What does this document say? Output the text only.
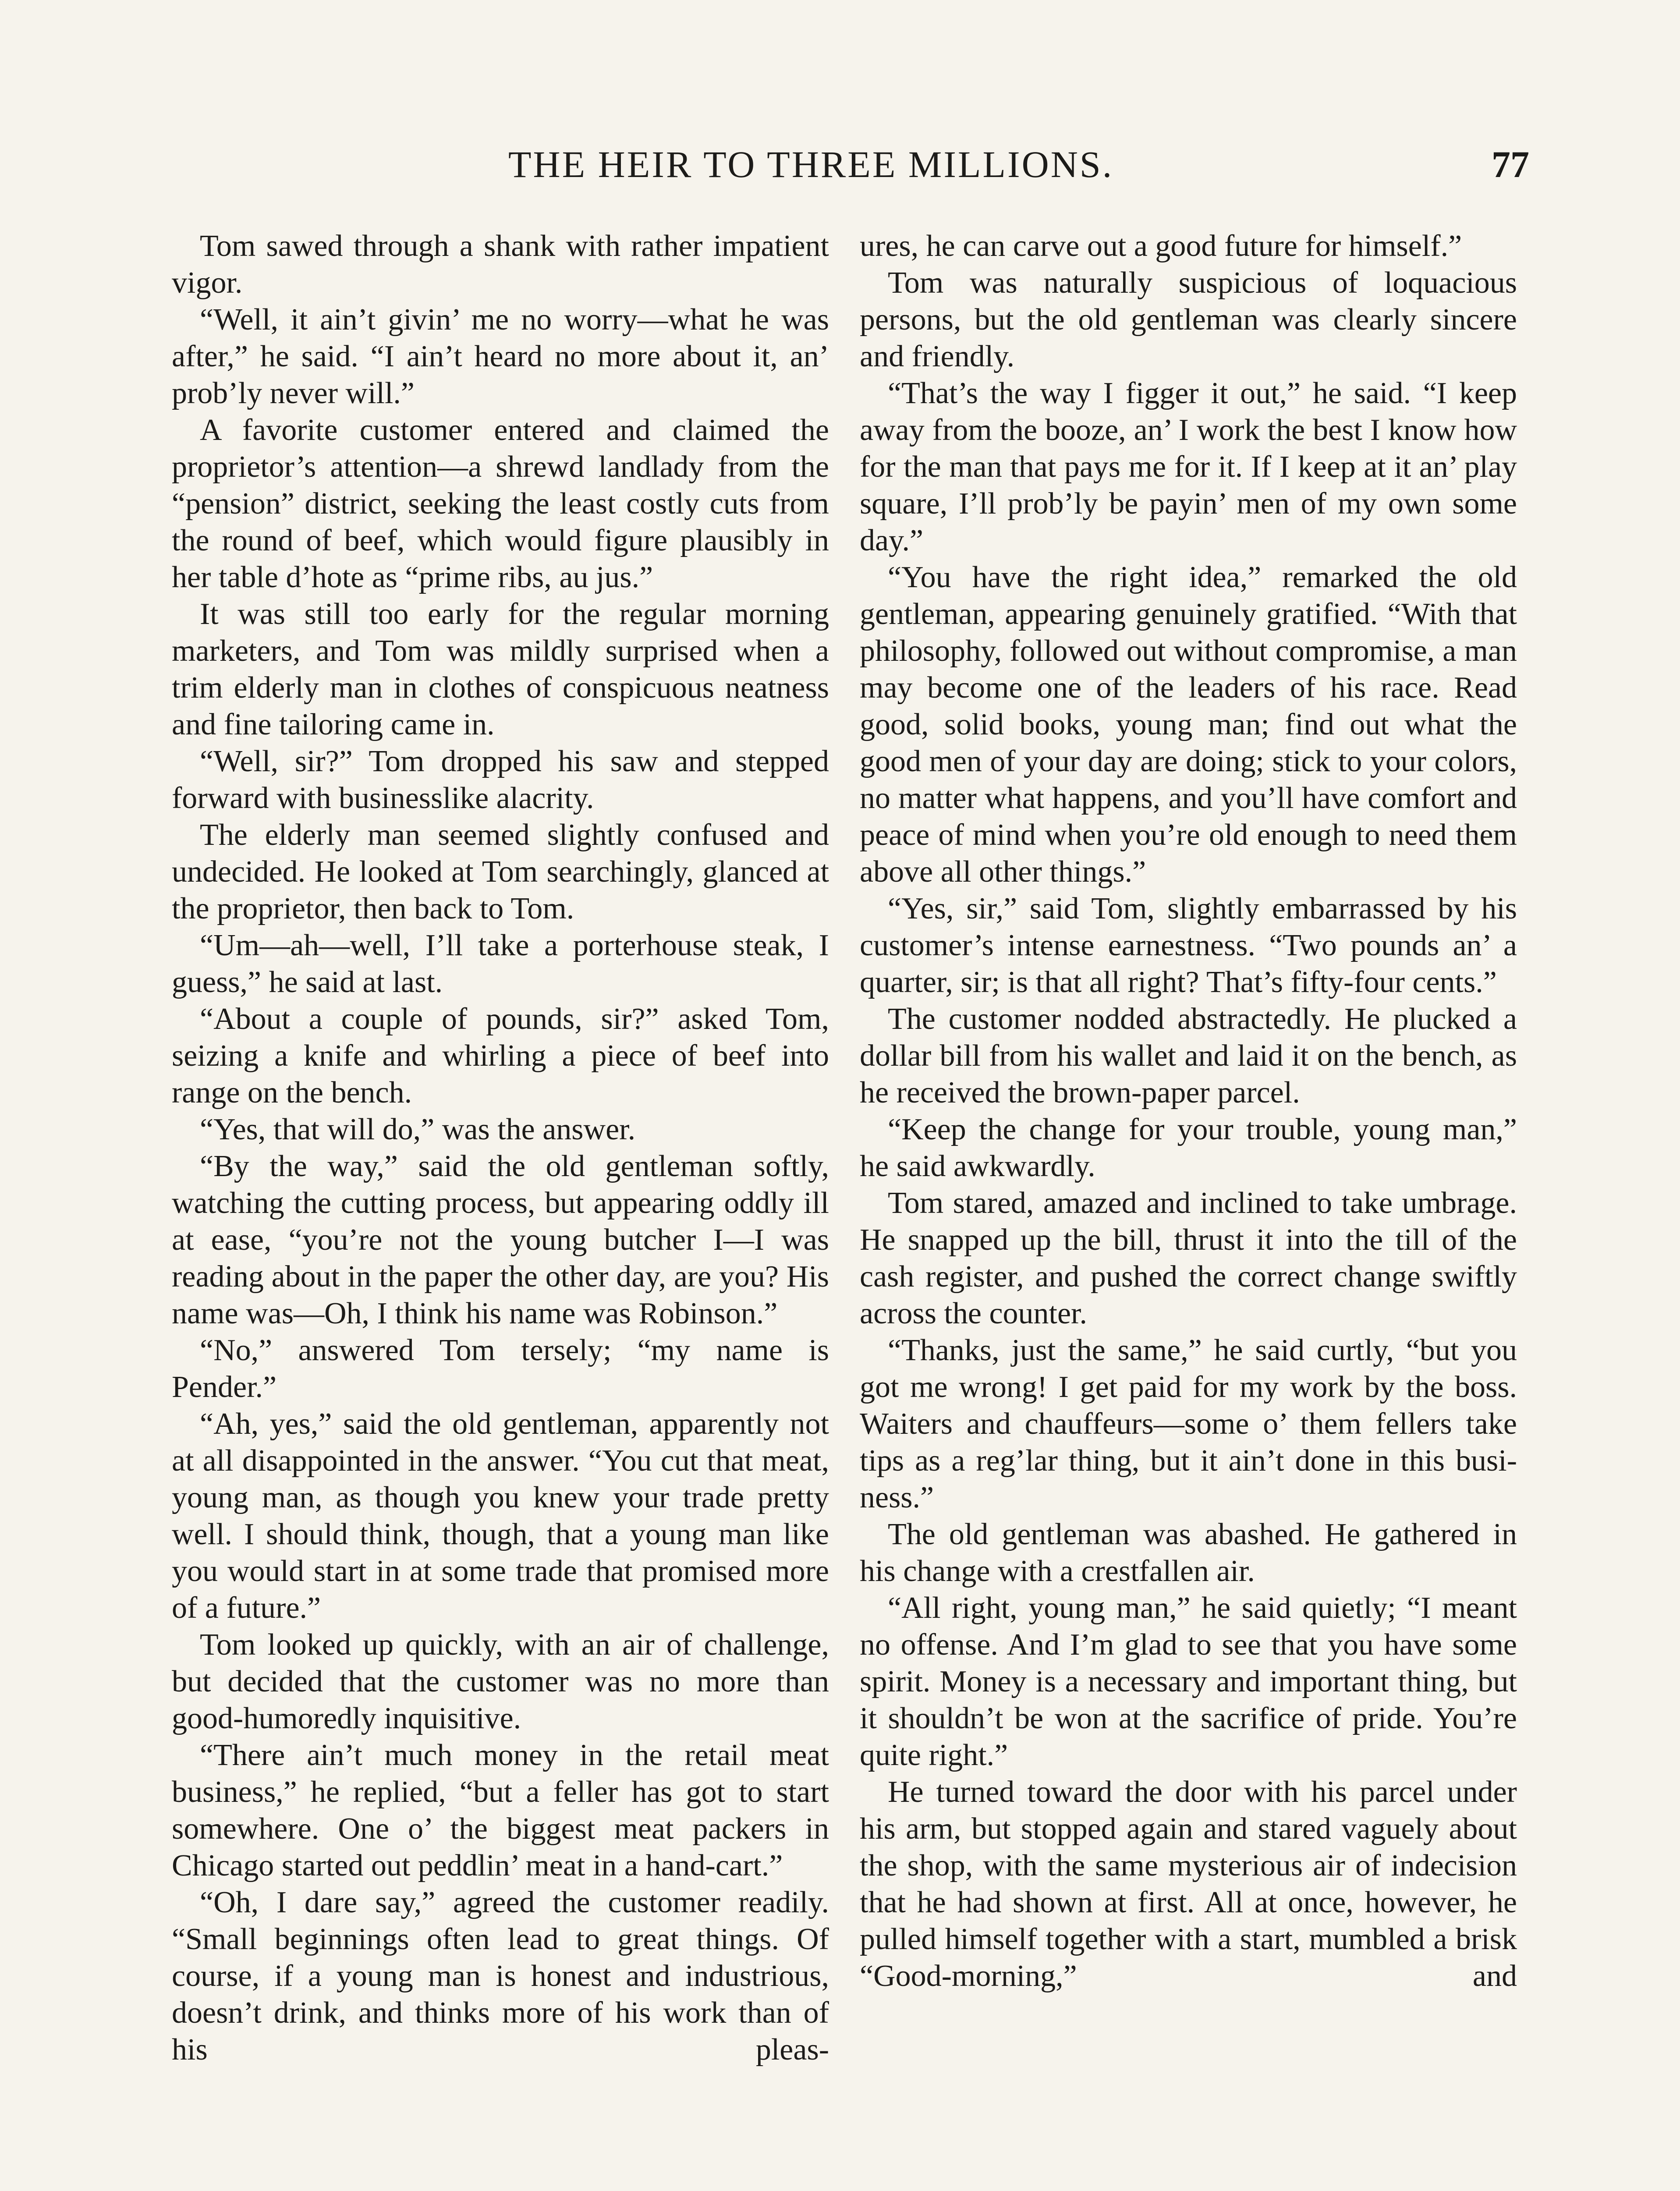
THE HEIR TO THREE MILLIONS.	77

Tom sawed through a shank with rather impatient vigor.

“Well, it ain’t givin’ me no worry—what he was after,” he said. “I ain’t heard no more about it, an’ prob’ly never will.”

A favorite customer entered and claimed the proprietor’s attention—a shrewd landlady from the “pension” district, seeking the least costly cuts from the round of beef, which would figure plausibly in her table d’hote as “prime ribs, au jus.”

It was still too early for the regular morning marketers, and Tom was mildly surprised when a trim elderly man in clothes of conspicuous neatness and fine tailoring came in.

“Well, sir?” Tom dropped his saw and stepped forward with businesslike alacrity.

The elderly man seemed slightly confused and undecided. He looked at Tom searchingly, glanced at the proprietor, then back to Tom.

“Um—ah—well, I’ll take a porterhouse steak, I guess,” he said at last.

“About a couple of pounds, sir?” asked Tom, seizing a knife and whirling a piece of beef into range on the bench.

“Yes, that will do,” was the answer.

“By the way,” said the old gentleman softly, watching the cutting process, but appearing oddly ill at ease, “you’re not the young butcher I—I was reading about in the paper the other day, are you? His name was—Oh, I think his name was Robinson.”

“No,” answered Tom tersely; “my name is Pender.”

“Ah, yes,” said the old gentleman, apparently not at all disappointed in the answer. “You cut that meat, young man, as though you knew your trade pretty well. I should think, though, that a young man like you would start in at some trade that promised more of a future.”

Tom looked up quickly, with an air of challenge, but decided that the customer was no more than good-humoredly inquisitive.

“There ain’t much money in the retail meat business,” he replied, “but a feller has got to start somewhere. One o’ the biggest meat packers in Chicago started out peddlin’ meat in a hand-cart.”

“Oh, I dare say,” agreed the customer readily. “Small beginnings often lead to great things. Of course, if a young man is honest and industrious, doesn’t drink, and thinks more of his work than of his pleas-

ures, he can carve out a good future for himself.”

Tom was naturally suspicious of loquacious persons, but the old gentleman was clearly sincere and friendly.

“That’s the way I figger it out,” he said. “I keep away from the booze, an’ I work the best I know how for the man that pays me for it. If I keep at it an’ play square, I’ll prob’ly be payin’ men of my own some day.”

“You have the right idea,” remarked the old gentleman, appearing genuinely gratified. “With that philosophy, followed out without compromise, a man may become one of the leaders of his race. Read good, solid books, young man; find out what the good men of your day are doing; stick to your colors, no matter what happens, and you’ll have comfort and peace of mind when you’re old enough to need them above all other things.”

“Yes, sir,” said Tom, slightly embarrassed by his customer’s intense earnestness. “Two pounds an’ a quarter, sir; is that all right? That’s fifty-four cents.”

The customer nodded abstractedly. He plucked a dollar bill from his wallet and laid it on the bench, as he received the brown-paper parcel.

“Keep the change for your trouble, young man,” he said awkwardly.

Tom stared, amazed and inclined to take umbrage. He snapped up the bill, thrust it into the till of the cash register, and pushed the correct change swiftly across the counter.

“Thanks, just the same,” he said curtly, “but you got me wrong! I get paid for my work by the boss. Waiters and chauffeurs—some o’ them fellers take tips as a reg’lar thing, but it ain’t done in this business.”

The old gentleman was abashed. He gathered in his change with a crestfallen air.

“All right, young man,” he said quietly; “I meant no offense. And I’m glad to see that you have some spirit. Money is a necessary and important thing, but it shouldn’t be won at the sacrifice of pride. You’re quite right.”

He turned toward the door with his parcel under his arm, but stopped again and stared vaguely about the shop, with the same mysterious air of indecision that he had shown at first. All at once, however, he pulled himself together with a start, mumbled a brisk “Good-morning,” and
